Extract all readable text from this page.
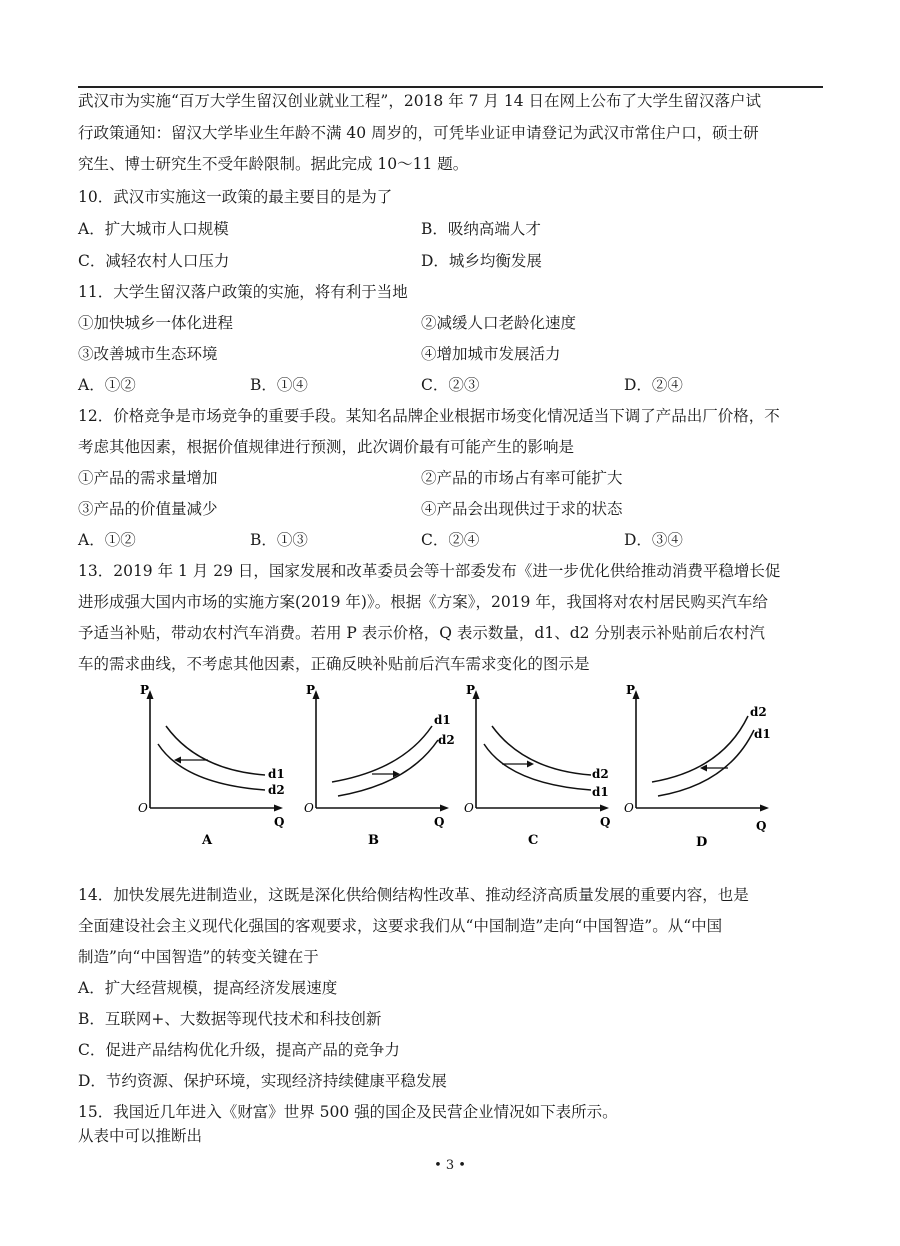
武汉市为实施“百万大学生留汉创业就业工程”，2018 年 7 月 14 日在网上公布了大学生留汉落户试
行政策通知：留汉大学毕业生年龄不满 40 周岁的，可凭毕业证申请登记为武汉市常住户口，硕士研
究生、博士研究生不受年龄限制。据此完成 10～11 题。
10．武汉市实施这一政策的最主要目的是为了
A．扩大城市人口规模	B．吸纳高端人才
C．减轻农村人口压力	D．城乡均衡发展
11．大学生留汉落户政策的实施，将有利于当地
①加快城乡一体化进程	②减缓人口老龄化速度
③改善城市生态环境	④增加城市发展活力
A．①②	B．①④	C．②③	D．②④
12．价格竞争是市场竞争的重要手段。某知名品牌企业根据市场变化情况适当下调了产品出厂价格，不
考虑其他因素，根据价值规律进行预测，此次调价最有可能产生的影响是
①产品的需求量增加	②产品的市场占有率可能扩大
③产品的价值量减少	④产品会出现供过于求的状态
A．①②	B．①③	C．②④	D．③④
13．2019 年 1 月 29 日，国家发展和改革委员会等十部委发布《进一步优化供给推动消费平稳增长促
进形成强大国内市场的实施方案(2019 年)》。根据《方案》，2019 年，我国将对农村居民购买汽车给
予适当补贴，带动农村汽车消费。若用 P 表示价格，Q 表示数量，d1、d2 分别表示补贴前后农村汽
车的需求曲线，不考虑其他因素，正确反映补贴前后汽车需求变化的图示是
P
O
Q
d1
d2
A
P
O
Q
d1
d2
B
P
O
Q
d2
d1
C
P
O
Q
d2
d1
D
14．加快发展先进制造业，这既是深化供给侧结构性改革、推动经济高质量发展的重要内容，也是
全面建设社会主义现代化强国的客观要求，这要求我们从“中国制造”走向“中国智造”。从“中国
制造”向“中国智造”的转变关键在于
A．扩大经营规模，提高经济发展速度
B．互联网+、大数据等现代技术和科技创新
C．促进产品结构优化升级，提高产品的竞争力
D．节约资源、保护环境，实现经济持续健康平稳发展
15．我国近几年进入《财富》世界 500 强的国企及民营企业情况如下表所示。
从表中可以推断出
• 3 •
